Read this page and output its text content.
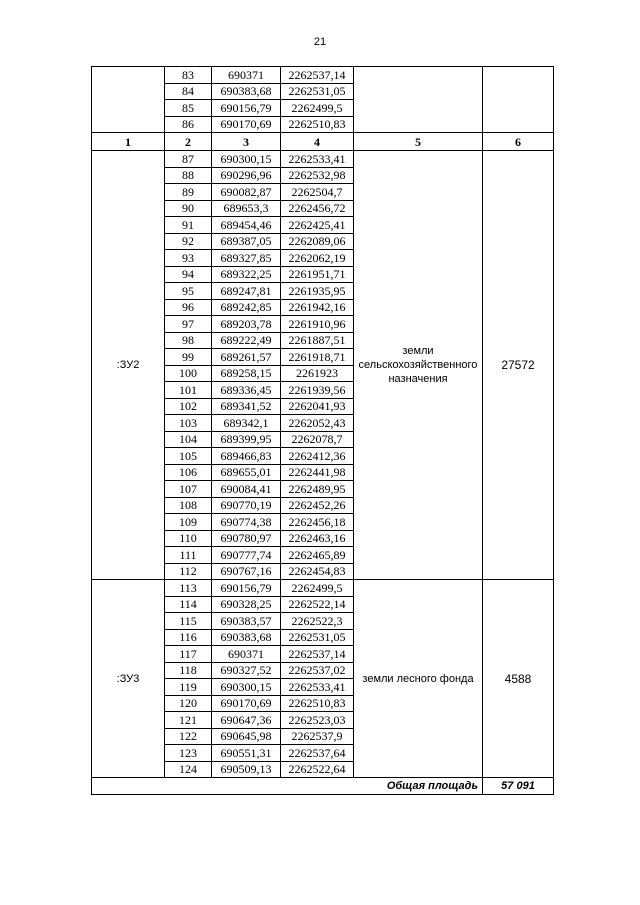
21
	83	690371	2262537,14		
	84	690383,68	2262531,05		
	85	690156,79	2262499,5		
	86	690170,69	2262510,83		
1	2	3	4	5	6
:ЗУ2	87	690300,15	2262533,41	земли сельскохозяйственного назначения	27572
	88	690296,96	2262532,98		
	89	690082,87	2262504,7		
	90	689653,3	2262456,72		
	91	689454,46	2262425,41		
	92	689387,05	2262089,06		
	93	689327,85	2262062,19		
	94	689322,25	2261951,71		
	95	689247,81	2261935,95		
	96	689242,85	2261942,16		
	97	689203,78	2261910,96		
	98	689222,49	2261887,51		
	99	689261,57	2261918,71		
	100	689258,15	2261923		
	101	689336,45	2261939,56		
	102	689341,52	2262041,93		
	103	689342,1	2262052,43		
	104	689399,95	2262078,7		
	105	689466,83	2262412,36		
	106	689655,01	2262441,98		
	107	690084,41	2262489,95		
	108	690770,19	2262452,26		
	109	690774,38	2262456,18		
	110	690780,97	2262463,16		
	111	690777,74	2262465,89		
	112	690767,16	2262454,83		
:ЗУ3	113	690156,79	2262499,5	земли лесного фонда	4588
	114	690328,25	2262522,14		
	115	690383,57	2262522,3		
	116	690383,68	2262531,05		
	117	690371	2262537,14		
	118	690327,52	2262537,02		
	119	690300,15	2262533,41		
	120	690170,69	2262510,83		
	121	690647,36	2262523,03		
	122	690645,98	2262537,9		
	123	690551,31	2262537,64		
	124	690509,13	2262522,64		
Общая площадь					57 091
